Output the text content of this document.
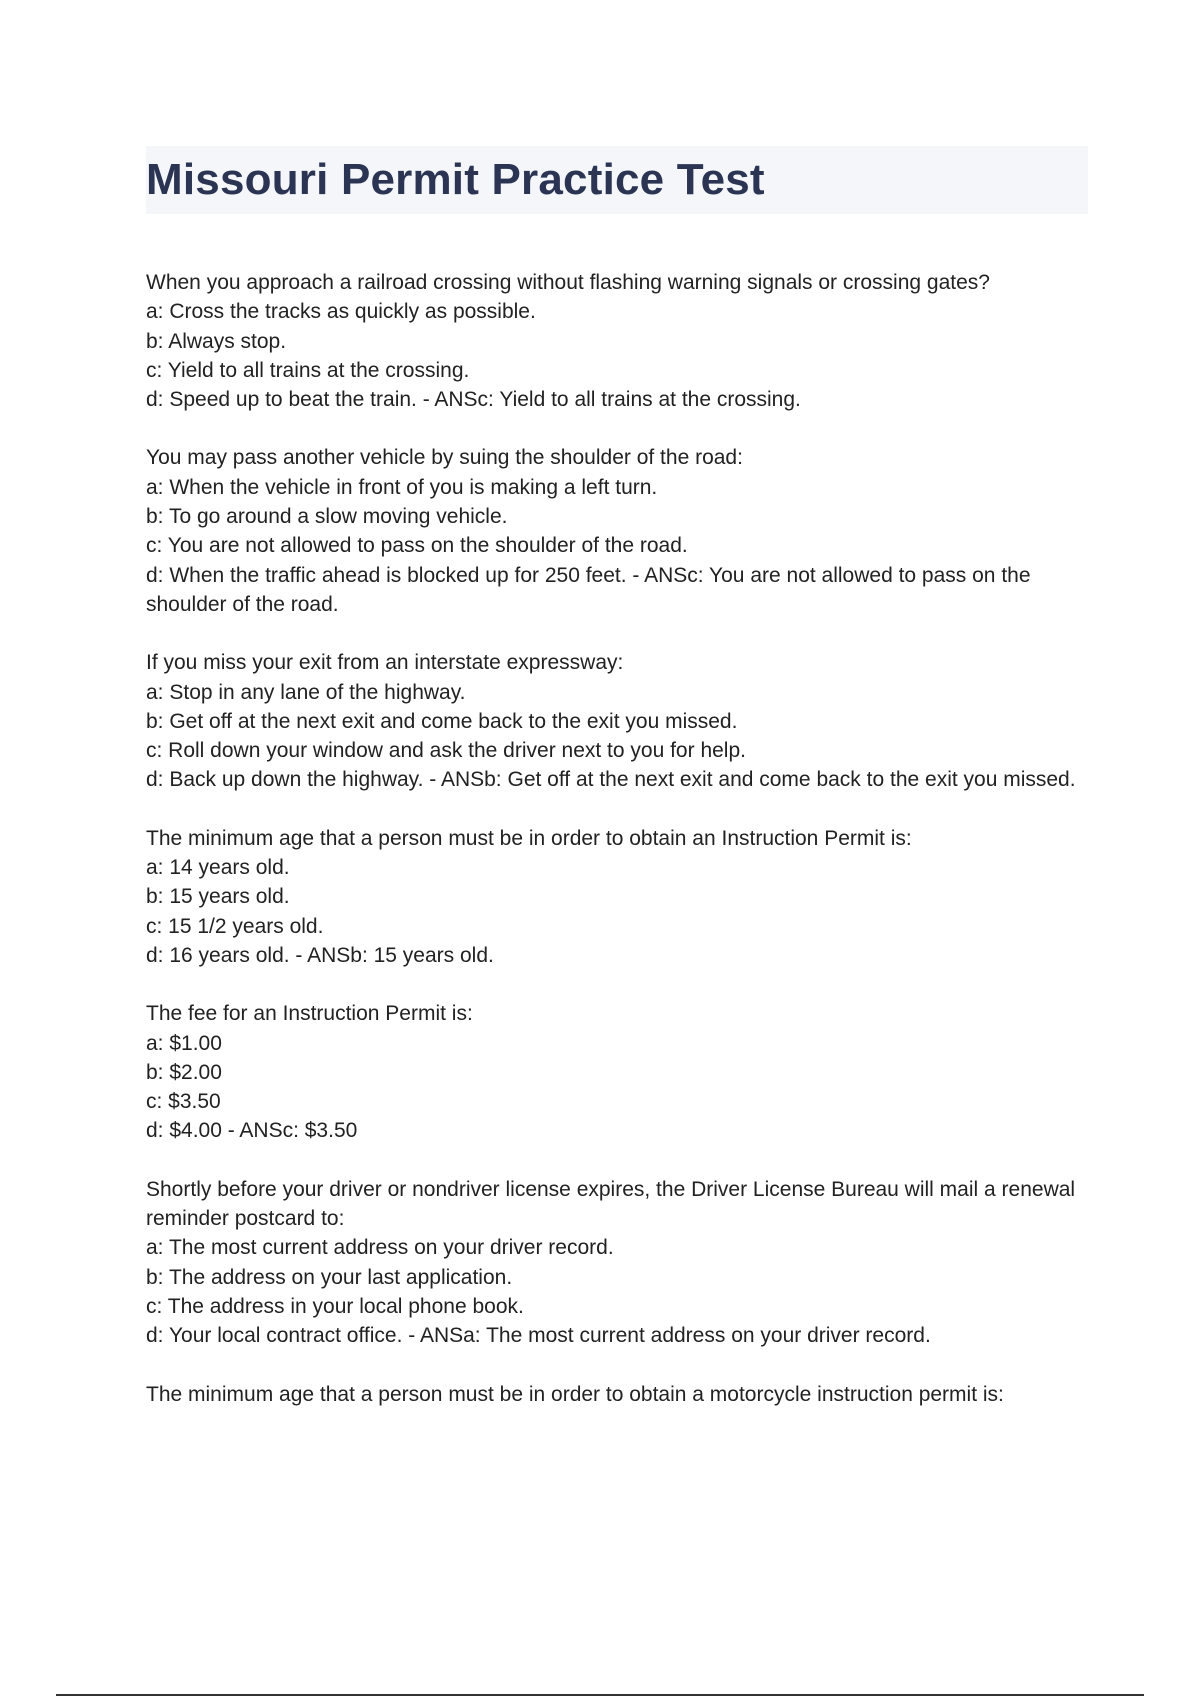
Missouri Permit Practice Test
When you approach a railroad crossing without flashing warning signals or crossing gates?
a: Cross the tracks as quickly as possible.
b: Always stop.
c: Yield to all trains at the crossing.
d: Speed up to beat the train. - ANSc: Yield to all trains at the crossing.
You may pass another vehicle by suing the shoulder of the road:
a: When the vehicle in front of you is making a left turn.
b: To go around a slow moving vehicle.
c: You are not allowed to pass on the shoulder of the road.
d: When the traffic ahead is blocked up for 250 feet. - ANSc: You are not allowed to pass on the shoulder of the road.
If you miss your exit from an interstate expressway:
a: Stop in any lane of the highway.
b: Get off at the next exit and come back to the exit you missed.
c: Roll down your window and ask the driver next to you for help.
d: Back up down the highway. - ANSb: Get off at the next exit and come back to the exit you missed.
The minimum age that a person must be in order to obtain an Instruction Permit is:
a: 14 years old.
b: 15 years old.
c: 15 1/2 years old.
d: 16 years old. - ANSb: 15 years old.
The fee for an Instruction Permit is:
a: $1.00
b: $2.00
c: $3.50
d: $4.00 - ANSc: $3.50
Shortly before your driver or nondriver license expires, the Driver License Bureau will mail a renewal reminder postcard to:
a: The most current address on your driver record.
b: The address on your last application.
c: The address in your local phone book.
d: Your local contract office. - ANSa: The most current address on your driver record.
The minimum age that a person must be in order to obtain a motorcycle instruction permit is:
